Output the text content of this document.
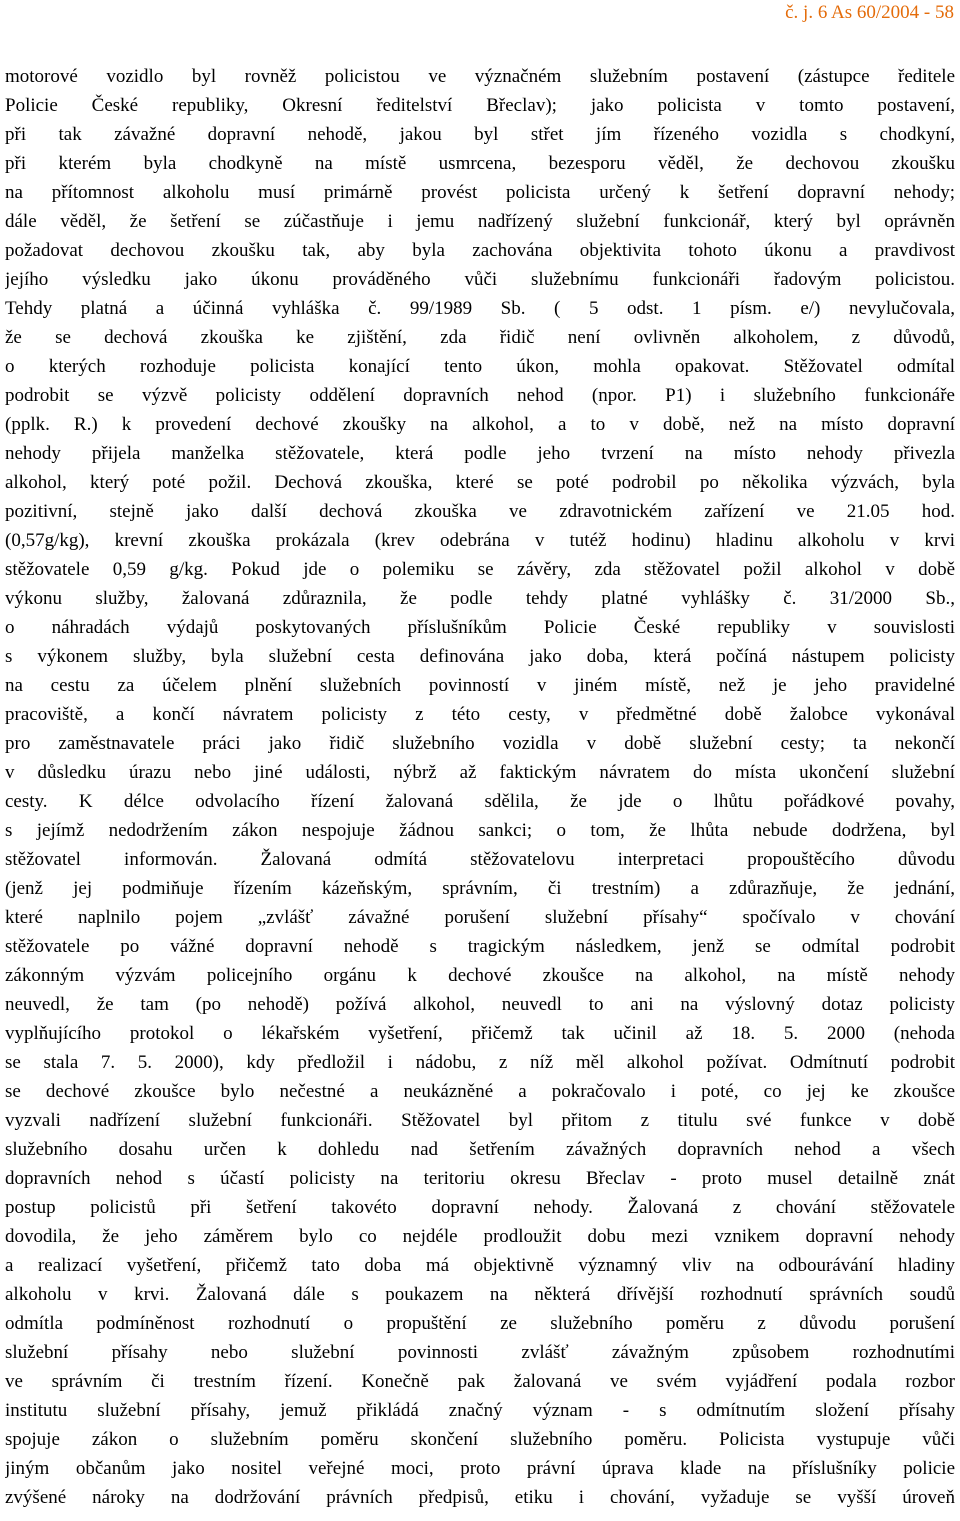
č. j. 6 As 60/2004 - 58
motorové vozidlo byl rovněž policistou ve význačném služebním postavení (zástupce ředitele
Policie České republiky, Okresní ředitelství Břeclav); jako policista v tomto postavení,
při tak závažné dopravní nehodě, jakou byl střet jím řízeného vozidla s chodkyní,
při kterém byla chodkyně na místě usmrcena, bezesporu věděl, že dechovou zkoušku
na přítomnost alkoholu musí primárně provést policista určený k šetření dopravní nehody;
dále věděl, že šetření se zúčastňuje i jemu nadřízený služební funkcionář, který byl oprávněn
požadovat dechovou zkoušku tak, aby byla zachována objektivita tohoto úkonu a pravdivost
jejího výsledku jako úkonu prováděného vůči služebnímu funkcionáři řadovým policistou.
Tehdy platná a účinná vyhláška č. 99/1989 Sb. ( 5 odst. 1 písm. e/) nevylučovala,
že se dechová zkouška ke zjištění, zda řidič není ovlivněn alkoholem, z důvodů,
o kterých rozhoduje policista konající tento úkon, mohla opakovat. Stěžovatel odmítal
podrobit se výzvě policisty oddělení dopravních nehod (npor. P1) i služebního funkcionáře
(pplk. R.) k provedení dechové zkoušky na alkohol, a to v době, než na místo dopravní
nehody přijela manželka stěžovatele, která podle jeho tvrzení na místo nehody přivezla
alkohol, který poté požil. Dechová zkouška, které se poté podrobil po několika výzvách, byla
pozitivní, stejně jako další dechová zkouška ve zdravotnickém zařízení ve 21.05 hod.
(0,57g/kg), krevní zkouška prokázala (krev odebrána v tutéž hodinu) hladinu alkoholu v krvi
stěžovatele 0,59 g/kg. Pokud jde o polemiku se závěry, zda stěžovatel požil alkohol v době
výkonu služby, žalovaná zdůraznila, že podle tehdy platné vyhlášky č. 31/2000 Sb.,
o náhradách výdajů poskytovaných příslušníkům Policie České republiky v souvislosti
s výkonem služby, byla služební cesta definována jako doba, která počíná nástupem policisty
na cestu za účelem plnění služebních povinností v jiném místě, než je jeho pravidelné
pracoviště, a končí návratem policisty z této cesty, v předmětné době žalobce vykonával
pro zaměstnavatele práci jako řidič služebního vozidla v době služební cesty; ta nekončí
v důsledku úrazu nebo jiné události, nýbrž až faktickým návratem do místa ukončení služební
cesty. K délce odvolacího řízení žalovaná sdělila, že jde o lhůtu pořádkové povahy,
s jejímž nedodržením zákon nespojuje žádnou sankci; o tom, že lhůta nebude dodržena, byl
stěžovatel informován. Žalovaná odmítá stěžovatelovu interpretaci propouštěcího důvodu
(jenž jej podmiňuje řízením kázeňským, správním, či trestním) a zdůrazňuje, že jednání,
které naplnilo pojem „zvlášť závažné porušení služební přísahy“ spočívalo v chování
stěžovatele po vážné dopravní nehodě s tragickým následkem, jenž se odmítal podrobit
zákonným výzvám policejního orgánu k dechové zkoušce na alkohol, na místě nehody
neuvedl, že tam (po nehodě) požívá alkohol, neuvedl to ani na výslovný dotaz policisty
vyplňujícího protokol o lékařském vyšetření, přičemž tak učinil až 18. 5. 2000 (nehoda
se stala 7. 5. 2000), kdy předložil i nádobu, z níž měl alkohol požívat. Odmítnutí podrobit
se dechové zkoušce bylo nečestné a neukázněné a pokračovalo i poté, co jej ke zkoušce
vyzvali nadřízení služební funkcionáři. Stěžovatel byl přitom z titulu své funkce v době
služebního dosahu určen k dohledu nad šetřením závažných dopravních nehod a všech
dopravních nehod s účastí policisty na teritoriu okresu Břeclav - proto musel detailně znát
postup policistů při šetření takovéto dopravní nehody. Žalovaná z chování stěžovatele
dovodila, že jeho záměrem bylo co nejdéle prodloužit dobu mezi vznikem dopravní nehody
a realizací vyšetření, přičemž tato doba má objektivně významný vliv na odbourávání hladiny
alkoholu v krvi. Žalovaná dále s poukazem na některá dřívější rozhodnutí správních soudů
odmítla podmíněnost rozhodnutí o propuštění ze služebního poměru z důvodu porušení
služební přísahy nebo služební povinnosti zvlášť závažným způsobem rozhodnutími
ve správním či trestním řízení. Konečně pak žalovaná ve svém vyjádření podala rozbor
institutu služební přísahy, jemuž přikládá značný význam - s odmítnutím složení přísahy
spojuje zákon o služebním poměru skončení služebního poměru. Policista vystupuje vůči
jiným občanům jako nositel veřejné moci, proto právní úprava klade na příslušníky policie
zvýšené nároky na dodržování právních předpisů, etiku i chování, vyžaduje se vyšší úroveň
